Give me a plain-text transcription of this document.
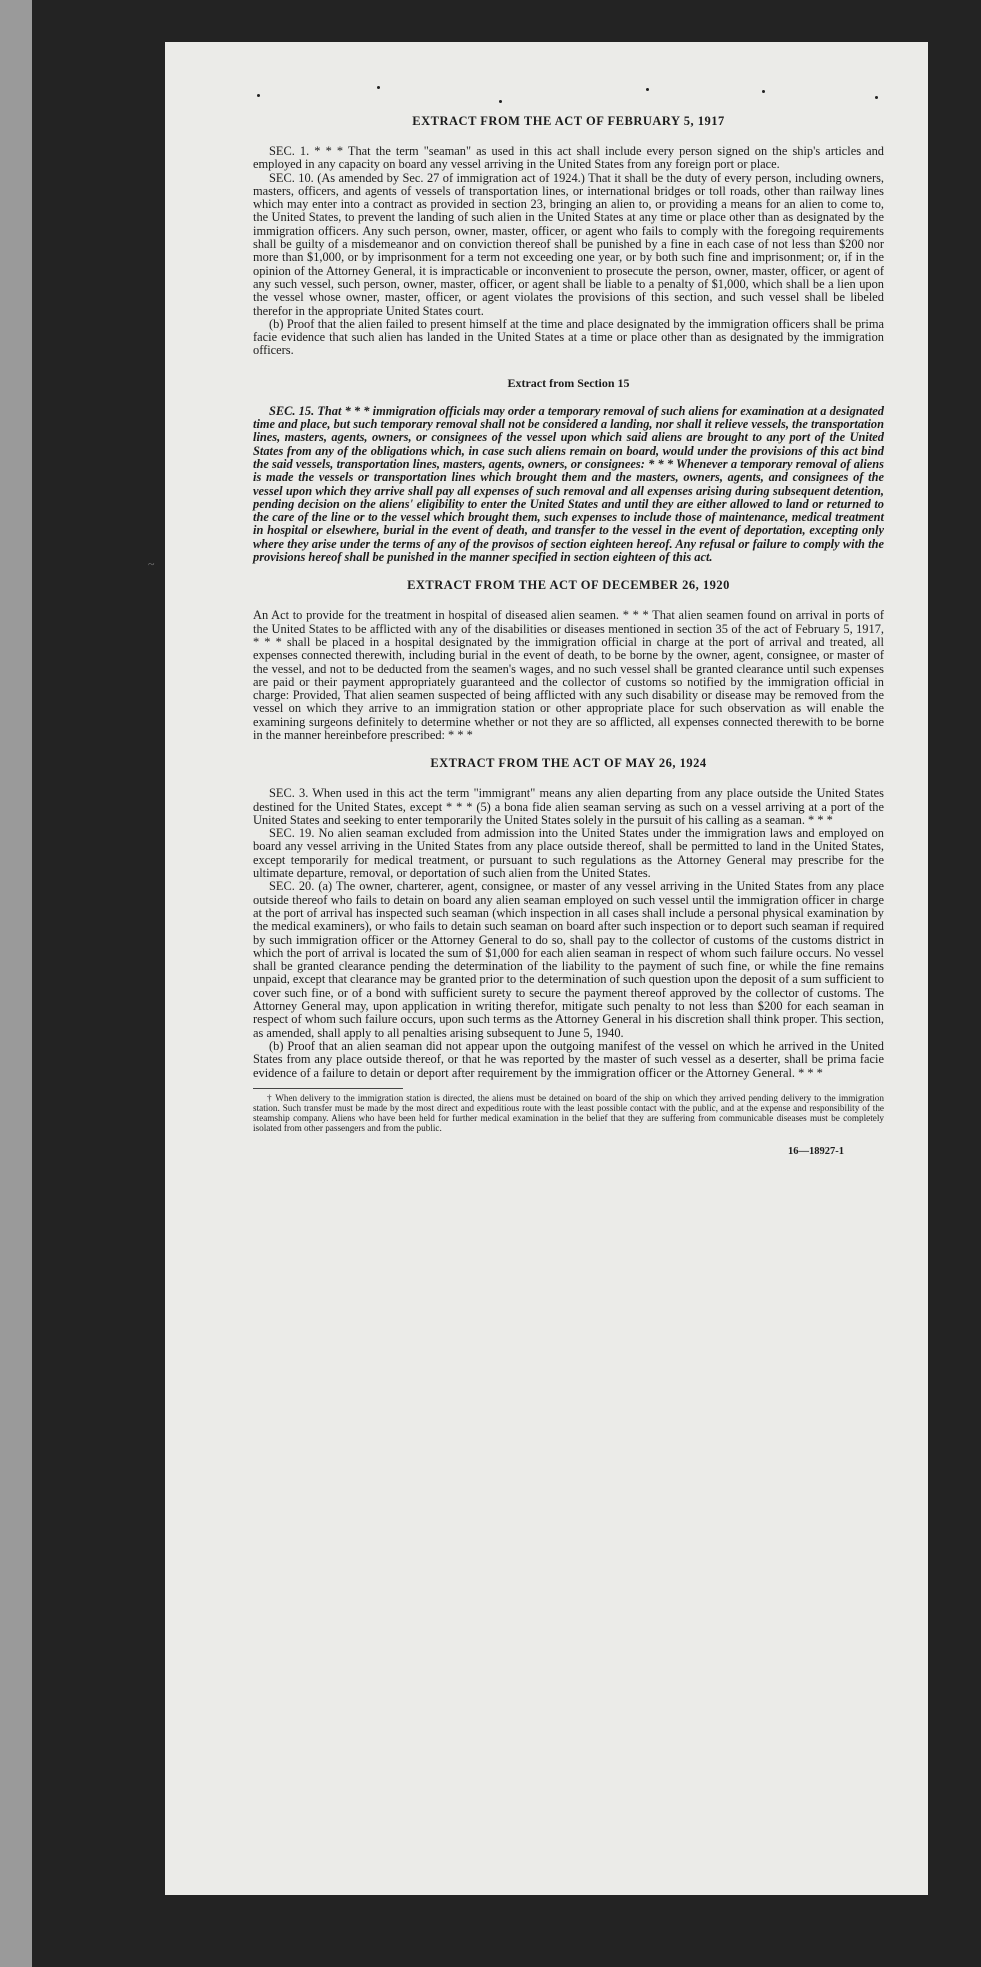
~
EXTRACT FROM THE ACT OF FEBRUARY 5, 1917

SEC. 1. * * * That the term "seaman" as used in this act shall include every person signed on the ship's articles and employed in any capacity on board any vessel arriving in the United States from any foreign port or place.

SEC. 10. (As amended by Sec. 27 of immigration act of 1924.) That it shall be the duty of every person, including owners, masters, officers, and agents of vessels of transportation lines, or international bridges or toll roads, other than railway lines which may enter into a contract as provided in section 23, bringing an alien to, or providing a means for an alien to come to, the United States, to prevent the landing of such alien in the United States at any time or place other than as designated by the immigration officers. Any such person, owner, master, officer, or agent who fails to comply with the foregoing requirements shall be guilty of a misdemeanor and on conviction thereof shall be punished by a fine in each case of not less than $200 nor more than $1,000, or by imprisonment for a term not exceeding one year, or by both such fine and imprisonment; or, if in the opinion of the Attorney General, it is impracticable or inconvenient to prosecute the person, owner, master, officer, or agent of any such vessel, such person, owner, master, officer, or agent shall be liable to a penalty of $1,000, which shall be a lien upon the vessel whose owner, master, officer, or agent violates the provisions of this section, and such vessel shall be libeled therefor in the appropriate United States court.

(b) Proof that the alien failed to present himself at the time and place designated by the immigration officers shall be prima facie evidence that such alien has landed in the United States at a time or place other than as designated by the immigration officers.

Extract from Section 15

SEC. 15. That * * * immigration officials may order a temporary removal of such aliens for examination at a designated time and place, but such temporary removal shall not be considered a landing, nor shall it relieve vessels, the transportation lines, masters, agents, owners, or consignees of the vessel upon which said aliens are brought to any port of the United States from any of the obligations which, in case such aliens remain on board, would under the provisions of this act bind the said vessels, transportation lines, masters, agents, owners, or consignees: * * * Whenever a temporary removal of aliens is made the vessels or transportation lines which brought them and the masters, owners, agents, and consignees of the vessel upon which they arrive shall pay all expenses of such removal and all expenses arising during subsequent detention, pending decision on the aliens' eligibility to enter the United States and until they are either allowed to land or returned to the care of the line or to the vessel which brought them, such expenses to include those of maintenance, medical treatment in hospital or elsewhere, burial in the event of death, and transfer to the vessel in the event of deportation, excepting only where they arise under the terms of any of the provisos of section eighteen hereof. Any refusal or failure to comply with the provisions hereof shall be punished in the manner specified in section eighteen of this act.

EXTRACT FROM THE ACT OF DECEMBER 26, 1920

An Act to provide for the treatment in hospital of diseased alien seamen. * * * That alien seamen found on arrival in ports of the United States to be afflicted with any of the disabilities or diseases mentioned in section 35 of the act of February 5, 1917, * * * shall be placed in a hospital designated by the immigration official in charge at the port of arrival and treated, all expenses connected therewith, including burial in the event of death, to be borne by the owner, agent, consignee, or master of the vessel, and not to be deducted from the seamen's wages, and no such vessel shall be granted clearance until such expenses are paid or their payment appropriately guaranteed and the collector of customs so notified by the immigration official in charge: Provided, That alien seamen suspected of being afflicted with any such disability or disease may be removed from the vessel on which they arrive to an immigration station or other appropriate place for such observation as will enable the examining surgeons definitely to determine whether or not they are so afflicted, all expenses connected therewith to be borne in the manner hereinbefore prescribed: * * *

EXTRACT FROM THE ACT OF MAY 26, 1924

SEC. 3. When used in this act the term "immigrant" means any alien departing from any place outside the United States destined for the United States, except * * * (5) a bona fide alien seaman serving as such on a vessel arriving at a port of the United States and seeking to enter temporarily the United States solely in the pursuit of his calling as a seaman. * * *

SEC. 19. No alien seaman excluded from admission into the United States under the immigration laws and employed on board any vessel arriving in the United States from any place outside thereof, shall be permitted to land in the United States, except temporarily for medical treatment, or pursuant to such regulations as the Attorney General may prescribe for the ultimate departure, removal, or deportation of such alien from the United States.

SEC. 20. (a) The owner, charterer, agent, consignee, or master of any vessel arriving in the United States from any place outside thereof who fails to detain on board any alien seaman employed on such vessel until the immigration officer in charge at the port of arrival has inspected such seaman (which inspection in all cases shall include a personal physical examination by the medical examiners), or who fails to detain such seaman on board after such inspection or to deport such seaman if required by such immigration officer or the Attorney General to do so, shall pay to the collector of customs of the customs district in which the port of arrival is located the sum of $1,000 for each alien seaman in respect of whom such failure occurs. No vessel shall be granted clearance pending the determination of the liability to the payment of such fine, or while the fine remains unpaid, except that clearance may be granted prior to the determination of such question upon the deposit of a sum sufficient to cover such fine, or of a bond with sufficient surety to secure the payment thereof approved by the collector of customs. The Attorney General may, upon application in writing therefor, mitigate such penalty to not less than $200 for each seaman in respect of whom such failure occurs, upon such terms as the Attorney General in his discretion shall think proper. This section, as amended, shall apply to all penalties arising subsequent to June 5, 1940.

(b) Proof that an alien seaman did not appear upon the outgoing manifest of the vessel on which he arrived in the United States from any place outside thereof, or that he was reported by the master of such vessel as a deserter, shall be prima facie evidence of a failure to detain or deport after requirement by the immigration officer or the Attorney General. * * *

† When delivery to the immigration station is directed, the aliens must be detained on board of the ship on which they arrived pending delivery to the immigration station. Such transfer must be made by the most direct and expeditious route with the least possible contact with the public, and at the expense and responsibility of the steamship company. Aliens who have been held for further medical examination in the belief that they are suffering from communicable diseases must be completely isolated from other passengers and from the public.

16—18927-1
